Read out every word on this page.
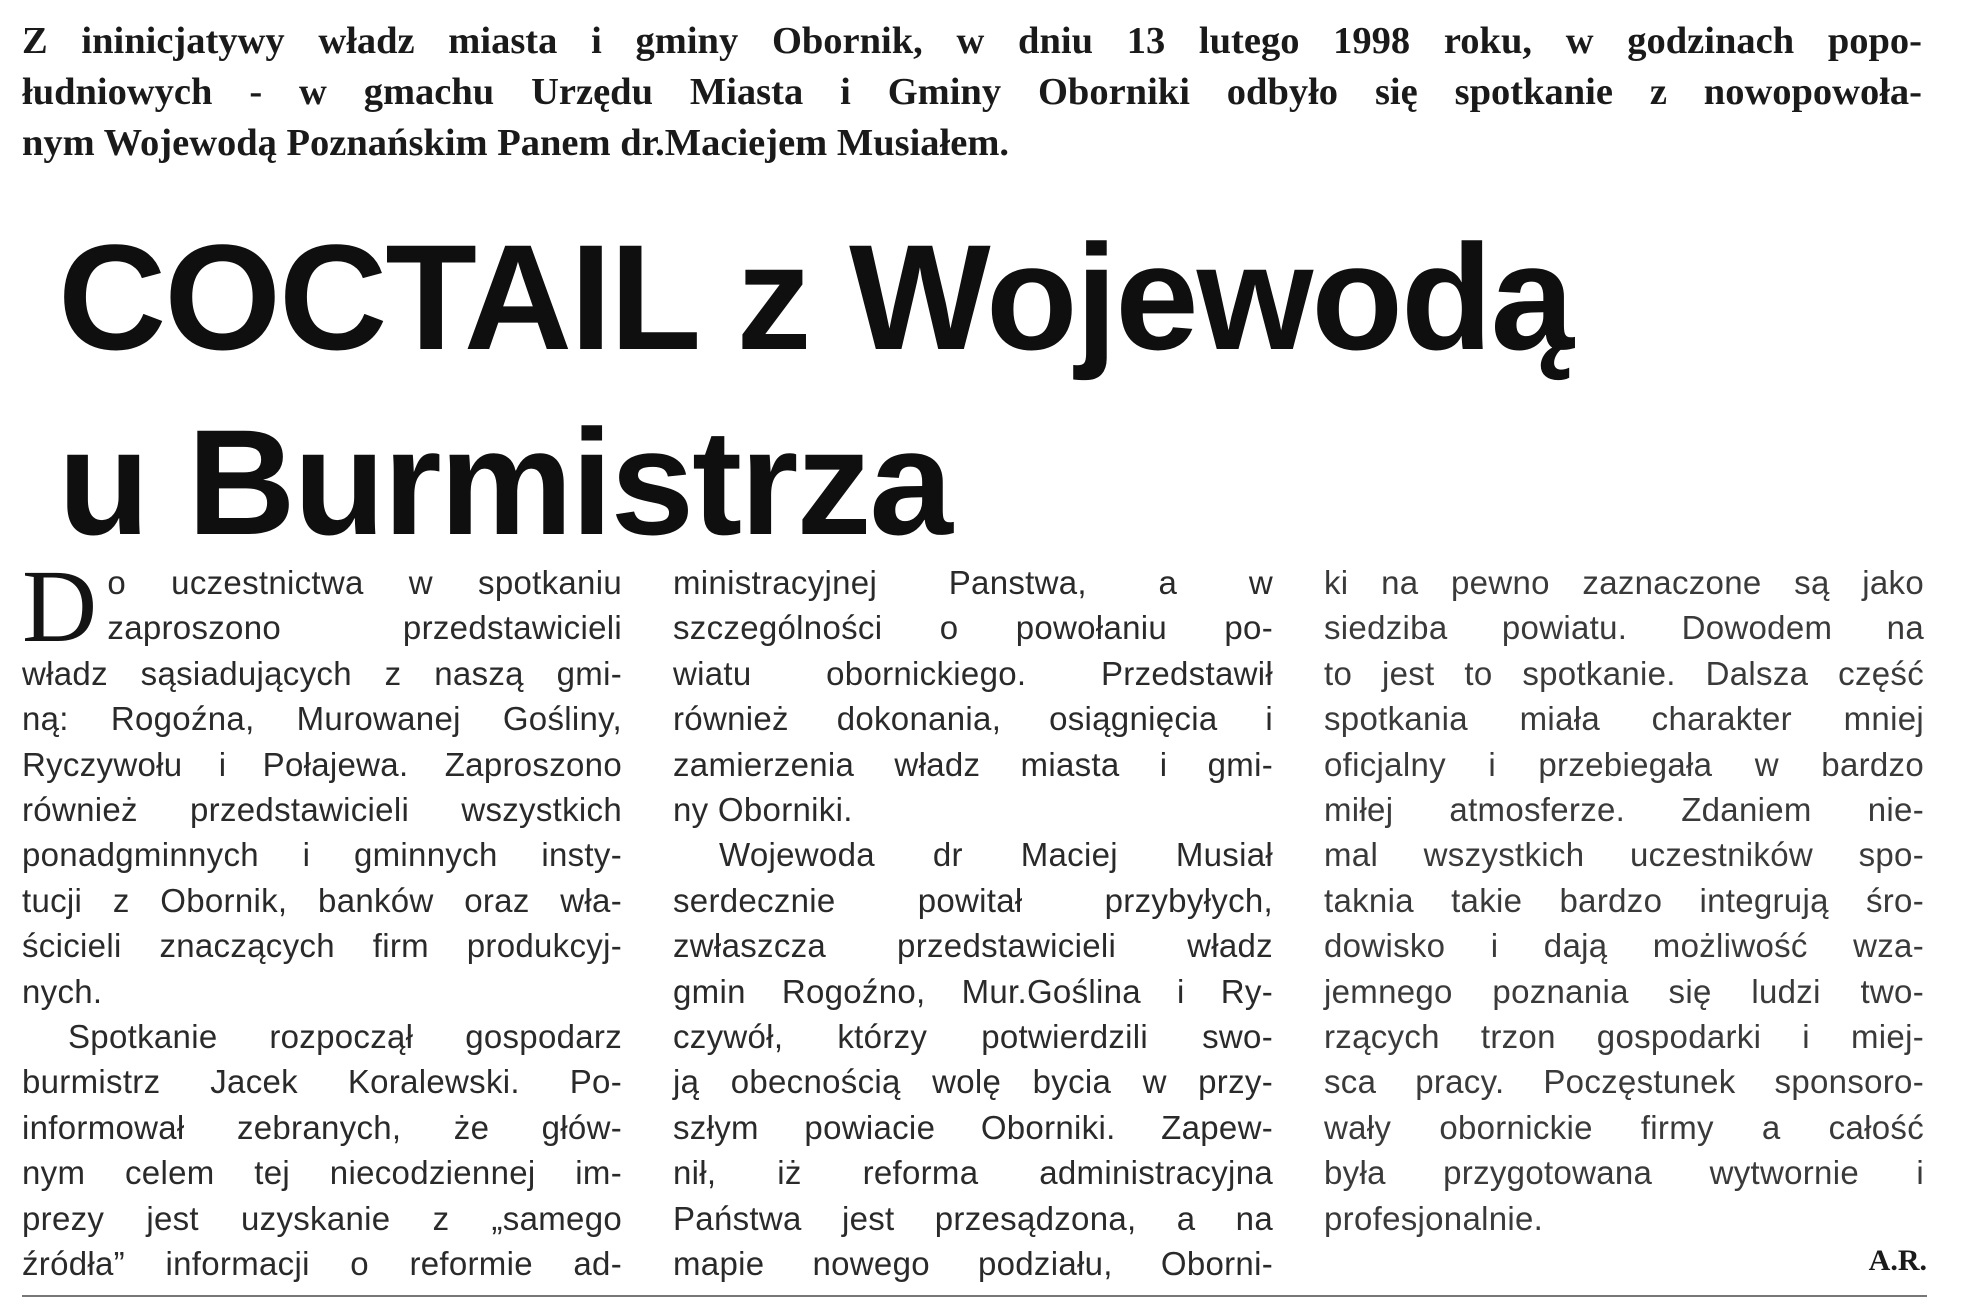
Z ininicjatywy władz miasta i gminy Obornik, w dniu 13 lutego 1998 roku, w godzinach popo-
łudniowych - w gmachu Urzędu Miasta i Gminy Oborniki odbyło się spotkanie z nowopowoła-
nym Wojewodą Poznańskim Panem dr.Maciejem Musiałem.
COCTAIL z Wojewodą
u Burmistrza
D o uczestnictwa w spotkaniu
zaproszono przedstawicieli
władz sąsiadujących z naszą gmi-
ną: Rogoźna, Murowanej Gośliny,
Ryczywołu i Połajewa. Zaproszono
również przedstawicieli wszystkich
ponadgminnych i gminnych insty-
tucji z Obornik, banków oraz wła-
ścicieli znaczących firm produkcyj-
nych.
Spotkanie rozpoczął gospodarz
burmistrz Jacek Koralewski. Po-
informował zebranych, że głów-
nym celem tej niecodziennej im-
prezy jest uzyskanie z „samego
źródła” informacji o reformie ad-
ministracyjnej Panstwa, a w
szczególności o powołaniu po-
wiatu obornickiego. Przedstawił
również dokonania, osiągnięcia i
zamierzenia władz miasta i gmi-
ny Oborniki.
Wojewoda dr Maciej Musiał
serdecznie powitał przybyłych,
zwłaszcza przedstawicieli władz
gmin Rogoźno, Mur.Goślina i Ry-
czywół, którzy potwierdzili swo-
ją obecnością wolę bycia w przy-
szłym powiacie Oborniki. Zapew-
nił, iż reforma administracyjna
Państwa jest przesądzona, a na
mapie nowego podziału, Oborni-
ki na pewno zaznaczone są jako
siedziba powiatu. Dowodem na
to jest to spotkanie. Dalsza część
spotkania miała charakter mniej
oficjalny i przebiegała w bardzo
miłej atmosferze. Zdaniem nie-
mal wszystkich uczestników spo-
taknia takie bardzo integrują śro-
dowisko i dają możliwość wza-
jemnego poznania się ludzi two-
rzących trzon gospodarki i miej-
sca pracy. Poczęstunek sponsoro-
wały obornickie firmy a całość
była przygotowana wytwornie i
profesjonalnie.
A.R.
